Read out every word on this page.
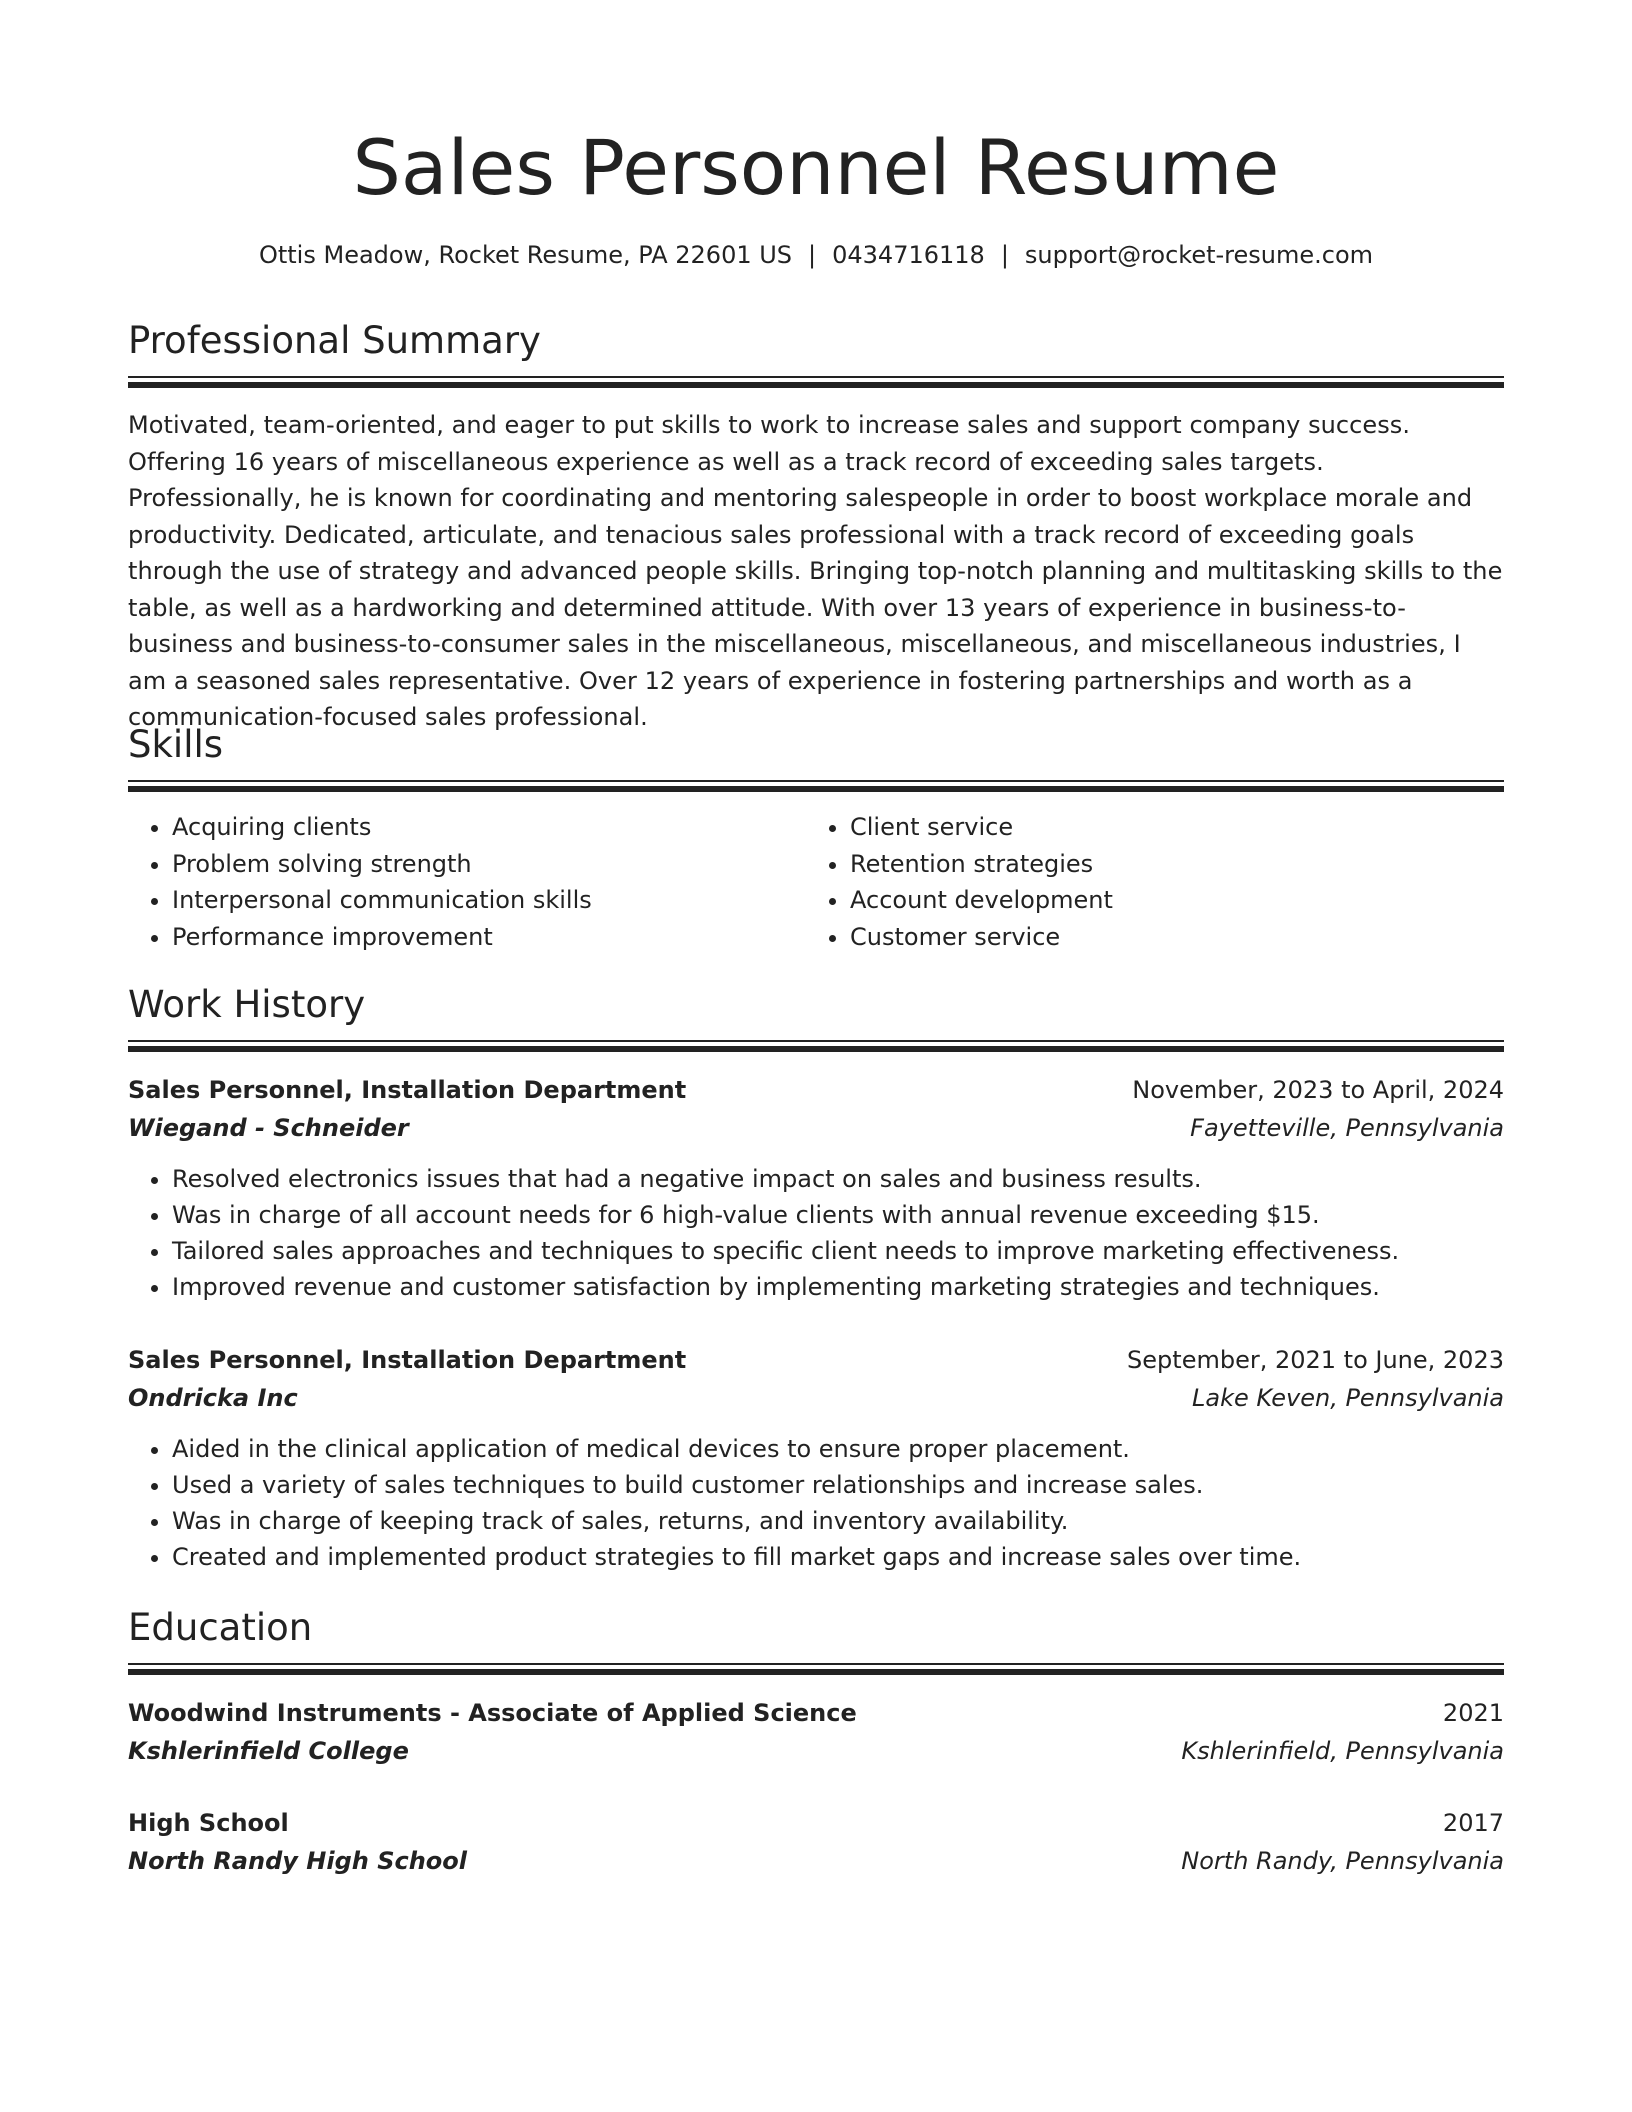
Sales Personnel Resume
Ottis Meadow, Rocket Resume, PA 22601 US | 0434716118 | support@rocket-resume.com
Professional Summary

Motivated, team-oriented, and eager to put skills to work to increase sales and support company success. Offering 16 years of miscellaneous experience as well as a track record of exceeding sales targets. Professionally, he is known for coordinating and mentoring salespeople in order to boost workplace morale and productivity. Dedicated, articulate, and tenacious sales professional with a track record of exceeding goals through the use of strategy and advanced people skills. Bringing top-notch planning and multitasking skills to the table, as well as a hardworking and determined attitude. With over 13 years of experience in business-to-business and business-to-consumer sales in the miscellaneous, miscellaneous, and miscellaneous industries, I am a seasoned sales representative. Over 12 years of experience in fostering partnerships and worth as a communication-focused sales professional.

Skills
• Acquiring clients
• Problem solving strength
• Interpersonal communication skills
• Performance improvement
• Client service
• Retention strategies
• Account development
• Customer service
Work History
Sales Personnel, Installation Department	November, 2023 to April, 2024
Wiegand - Schneider	Fayetteville, Pennsylvania
• Resolved electronics issues that had a negative impact on sales and business results.
• Was in charge of all account needs for 6 high-value clients with annual revenue exceeding $15.
• Tailored sales approaches and techniques to specific client needs to improve marketing effectiveness.
• Improved revenue and customer satisfaction by implementing marketing strategies and techniques.
Sales Personnel, Installation Department	September, 2021 to June, 2023
Ondricka Inc	Lake Keven, Pennsylvania
• Aided in the clinical application of medical devices to ensure proper placement.
• Used a variety of sales techniques to build customer relationships and increase sales.
• Was in charge of keeping track of sales, returns, and inventory availability.
• Created and implemented product strategies to fill market gaps and increase sales over time.
Education
Woodwind Instruments - Associate of Applied Science	2021
Kshlerinfield College	Kshlerinfield, Pennsylvania
High School	2017
North Randy High School	North Randy, Pennsylvania
